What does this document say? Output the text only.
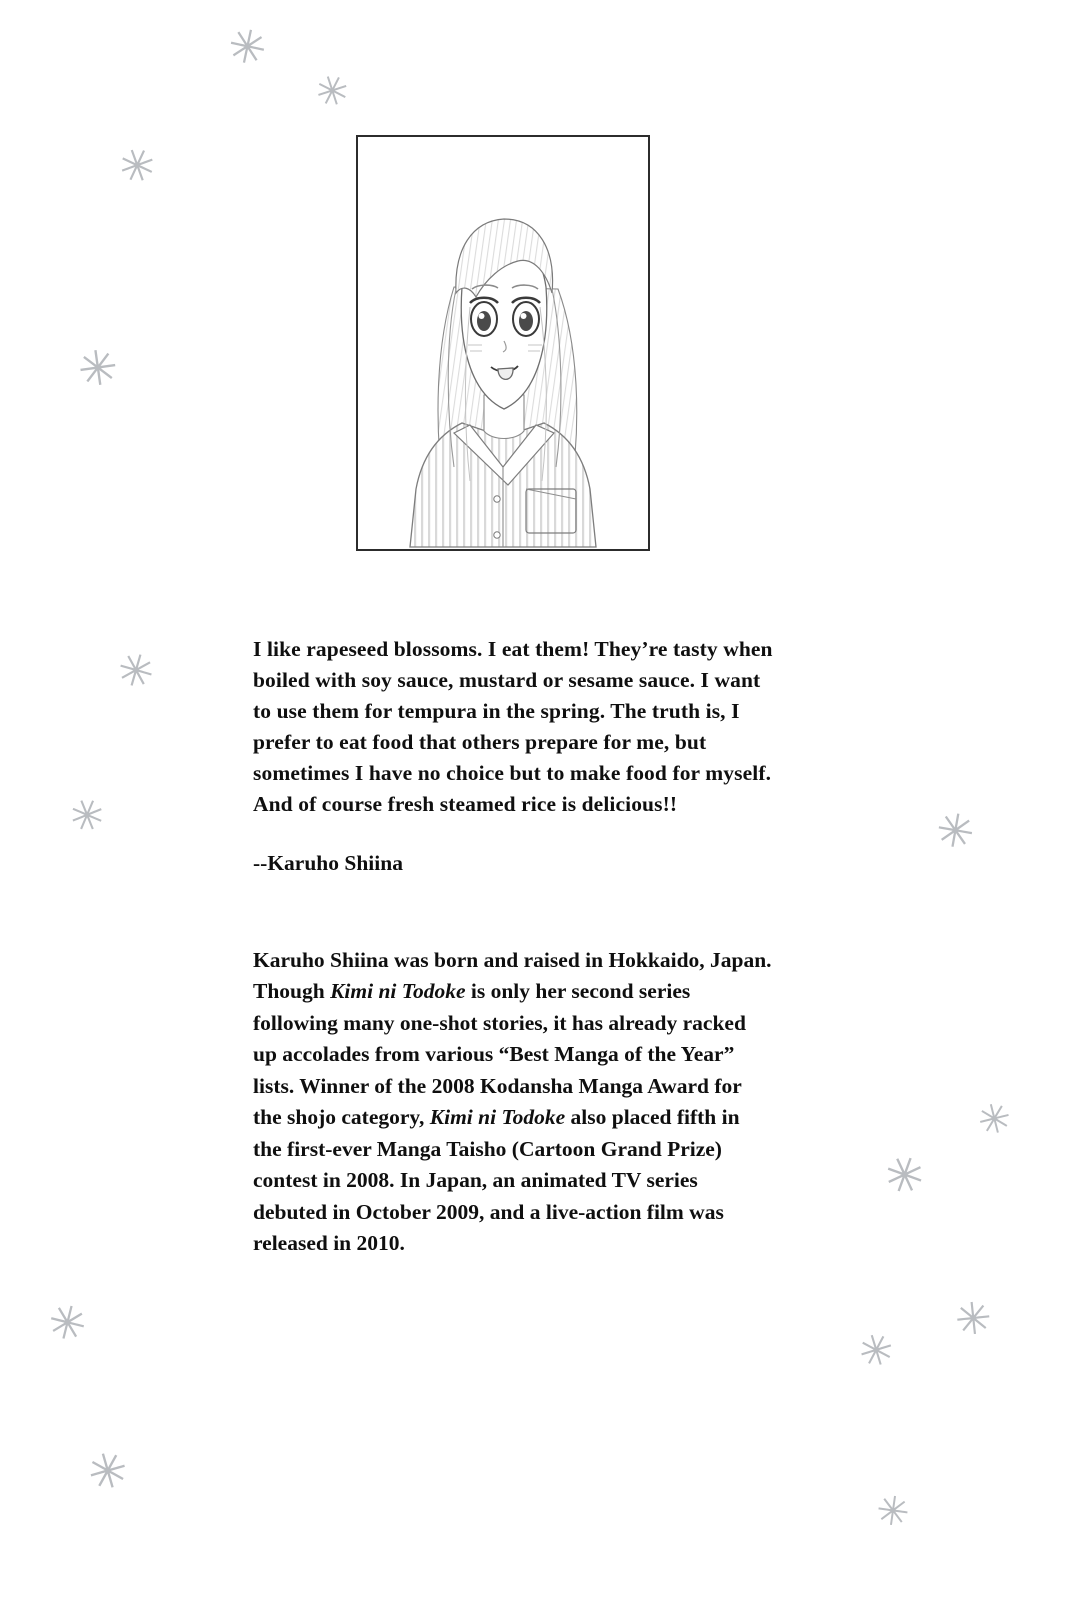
✳
✳
✳
✳
✳
✳	✳
✳
✳
✳
✳	✳
✳
✳

I like rapeseed blossoms. I eat them! They’re tasty when boiled with soy sauce, mustard or sesame sauce. I want to use them for tempura in the spring. The truth is, I prefer to eat food that others prepare for me, but sometimes I have no choice but to make food for myself. And of course fresh steamed rice is delicious!!

--Karuho Shiina

Karuho Shiina was born and raised in Hokkaido, Japan. Though Kimi ni Todoke is only her second series following many one-shot stories, it has already racked up accolades from various “Best Manga of the Year” lists. Winner of the 2008 Kodansha Manga Award for the shojo category, Kimi ni Todoke also placed fifth in the first-ever Manga Taisho (Cartoon Grand Prize) contest in 2008. In Japan, an animated TV series debuted in October 2009, and a live-action film was released in 2010.
